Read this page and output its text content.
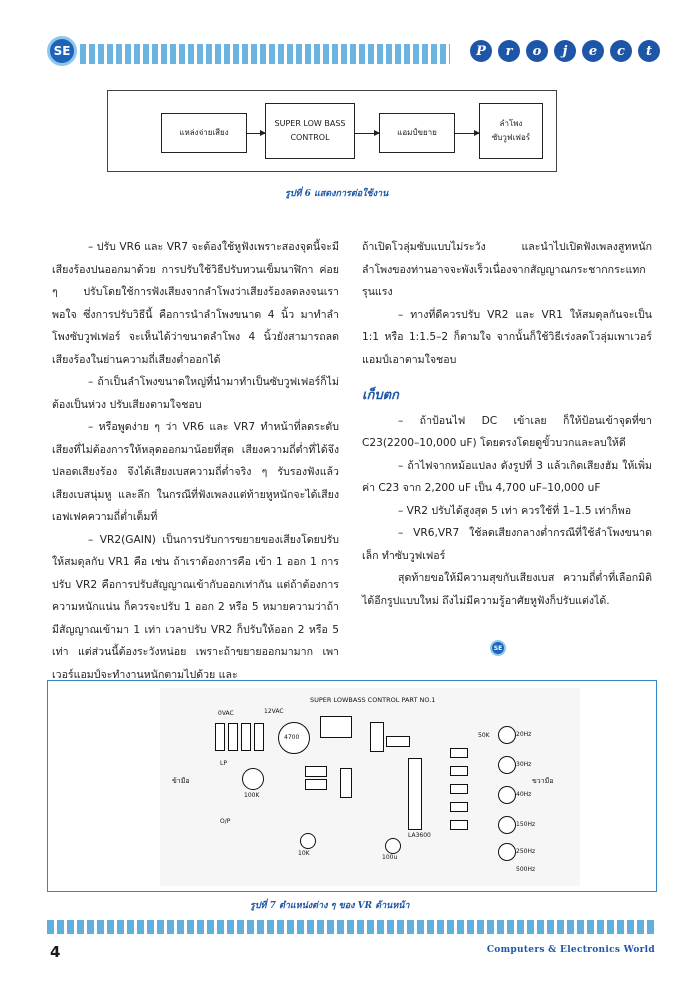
SE	P	r	o	j	e	c	t
แหล่งจ่ายเสียง
SUPER LOW BASS
CONTROL
แอมป์ขยาย
ลำโพง
ซับวูฟเฟอร์
รูปที่ 6 แสดงการต่อใช้งาน

– ปรับ VR6 และ VR7 จะต้องใช้หูฟังเพราะสองจุดนี้จะมีเสียงร้องปนออกมาด้วย การปรับใช้วิธีปรับทวนเข็มนาฬิกา ค่อย ๆ ปรับโดยใช้การฟังเสียงจากลำโพงว่าเสียงร้องลดลงจนเราพอใจ ซึ่งการปรับวิธีนี้ คือการนำลำโพงขนาด 4 นิ้ว มาทำลำโพงซับวูฟเฟอร์ จะเห็นได้ว่าขนาดลำโพง 4 นิ้วยังสามารถลดเสียงร้องในย่านความถี่เสียงต่ำออกได้

– ถ้าเป็นลำโพงขนาดใหญ่ที่นำมาทำเป็นซับวูฟเฟอร์ก็ไม่ต้องเป็นห่วง ปรับเสียงตามใจชอบ

– หรือพูดง่าย ๆ ว่า VR6 และ VR7 ทำหน้าที่ลดระดับเสียงที่ไม่ต้องการให้หลุดออกมาน้อยที่สุด เสียงความถี่ต่ำที่ได้จึงปลอดเสียงร้อง จึงได้เสียงเบสความถี่ต่ำจริง ๆ รับรองฟังแล้วเสียงเบสนุ่มหู และลึก ในกรณีที่ฟังเพลงแต่ท้ายหูหนักจะได้เสียงเอฟเฟคความถี่ต่ำเต็มที่

– VR2(GAIN) เป็นการปรับการขยายของเสียงโดยปรับให้สมดุลกับ VR1 คือ เช่น ถ้าเราต้องการคือ เข้า 1 ออก 1 การปรับ VR2 คือการปรับสัญญาณเข้ากับออกเท่ากัน แต่ถ้าต้องการความหนักแน่น ก็ควรจะปรับ 1 ออก 2 หรือ 5 หมายความว่าถ้ามีสัญญาณเข้ามา 1 เท่า เวลาปรับ VR2 ก็ปรับให้ออก 2 หรือ 5 เท่า แต่ส่วนนี้ต้องระวังหน่อย เพราะถ้าขยายออกมามาก เพาเวอร์แอมป์จะทำงานหนักตามไปด้วย และ

ถ้าเปิดโวลุ่มซับแบบไม่ระวัง และนำไปเปิดฟังเพลงสูทหนัก ลำโพงของท่านอาจจะพังเร็วเนื่องจากสัญญาณกระชากกระแทกรุนแรง

– ทางที่ดีควรปรับ VR2 และ VR1 ให้สมดุลกันจะเป็น 1:1 หรือ 1:1.5–2 ก็ตามใจ จากนั้นก็ใช้วิธีเร่งลดโวลุ่มเพาเวอร์แอมป์เอาตามใจชอบ

เก็บตก

– ถ้าป้อนไฟ DC เข้าเลย ก็ให้ป้อนเข้าจุดที่ขา C23(2200–10,000 uF) โดยตรงโดยดูขั้วบวกและลบให้ดี

– ถ้าไฟจากหม้อแปลง ดังรูปที่ 3 แล้วเกิดเสียงฮัม ให้เพิ่มค่า C23 จาก 2,200 uF เป็น 4,700 uF–10,000 uF

– VR2 ปรับได้สูงสุด 5 เท่า ควรใช้ที่ 1–1.5 เท่าก็พอ

– VR6,VR7 ใช้ลดเสียงกลางต่ำกรณีที่ใช้ลำโพงขนาดเล็ก ทำซับวูฟเฟอร์

สุดท้ายขอให้มีความสุขกับเสียงเบส ความถี่ต่ำที่เลือกมิติได้อีกรูปแบบใหม่ ถึงไม่มีความรู้อาศัยหูฟังก็ปรับแต่งได้.

SE
SUPER LOWBASS CONTROL PART NO.1
0VAC	12VAC
4700
100K
LA3600
10K
100u
ข้ามือ	ขวามือ
LP
O/P
50K	20Hz
30Hz
40Hz
150Hz
250Hz
500Hz
รูปที่ 7 ตำแหน่งต่าง ๆ ของ VR ด้านหน้า
4	Computers & Electronics World
